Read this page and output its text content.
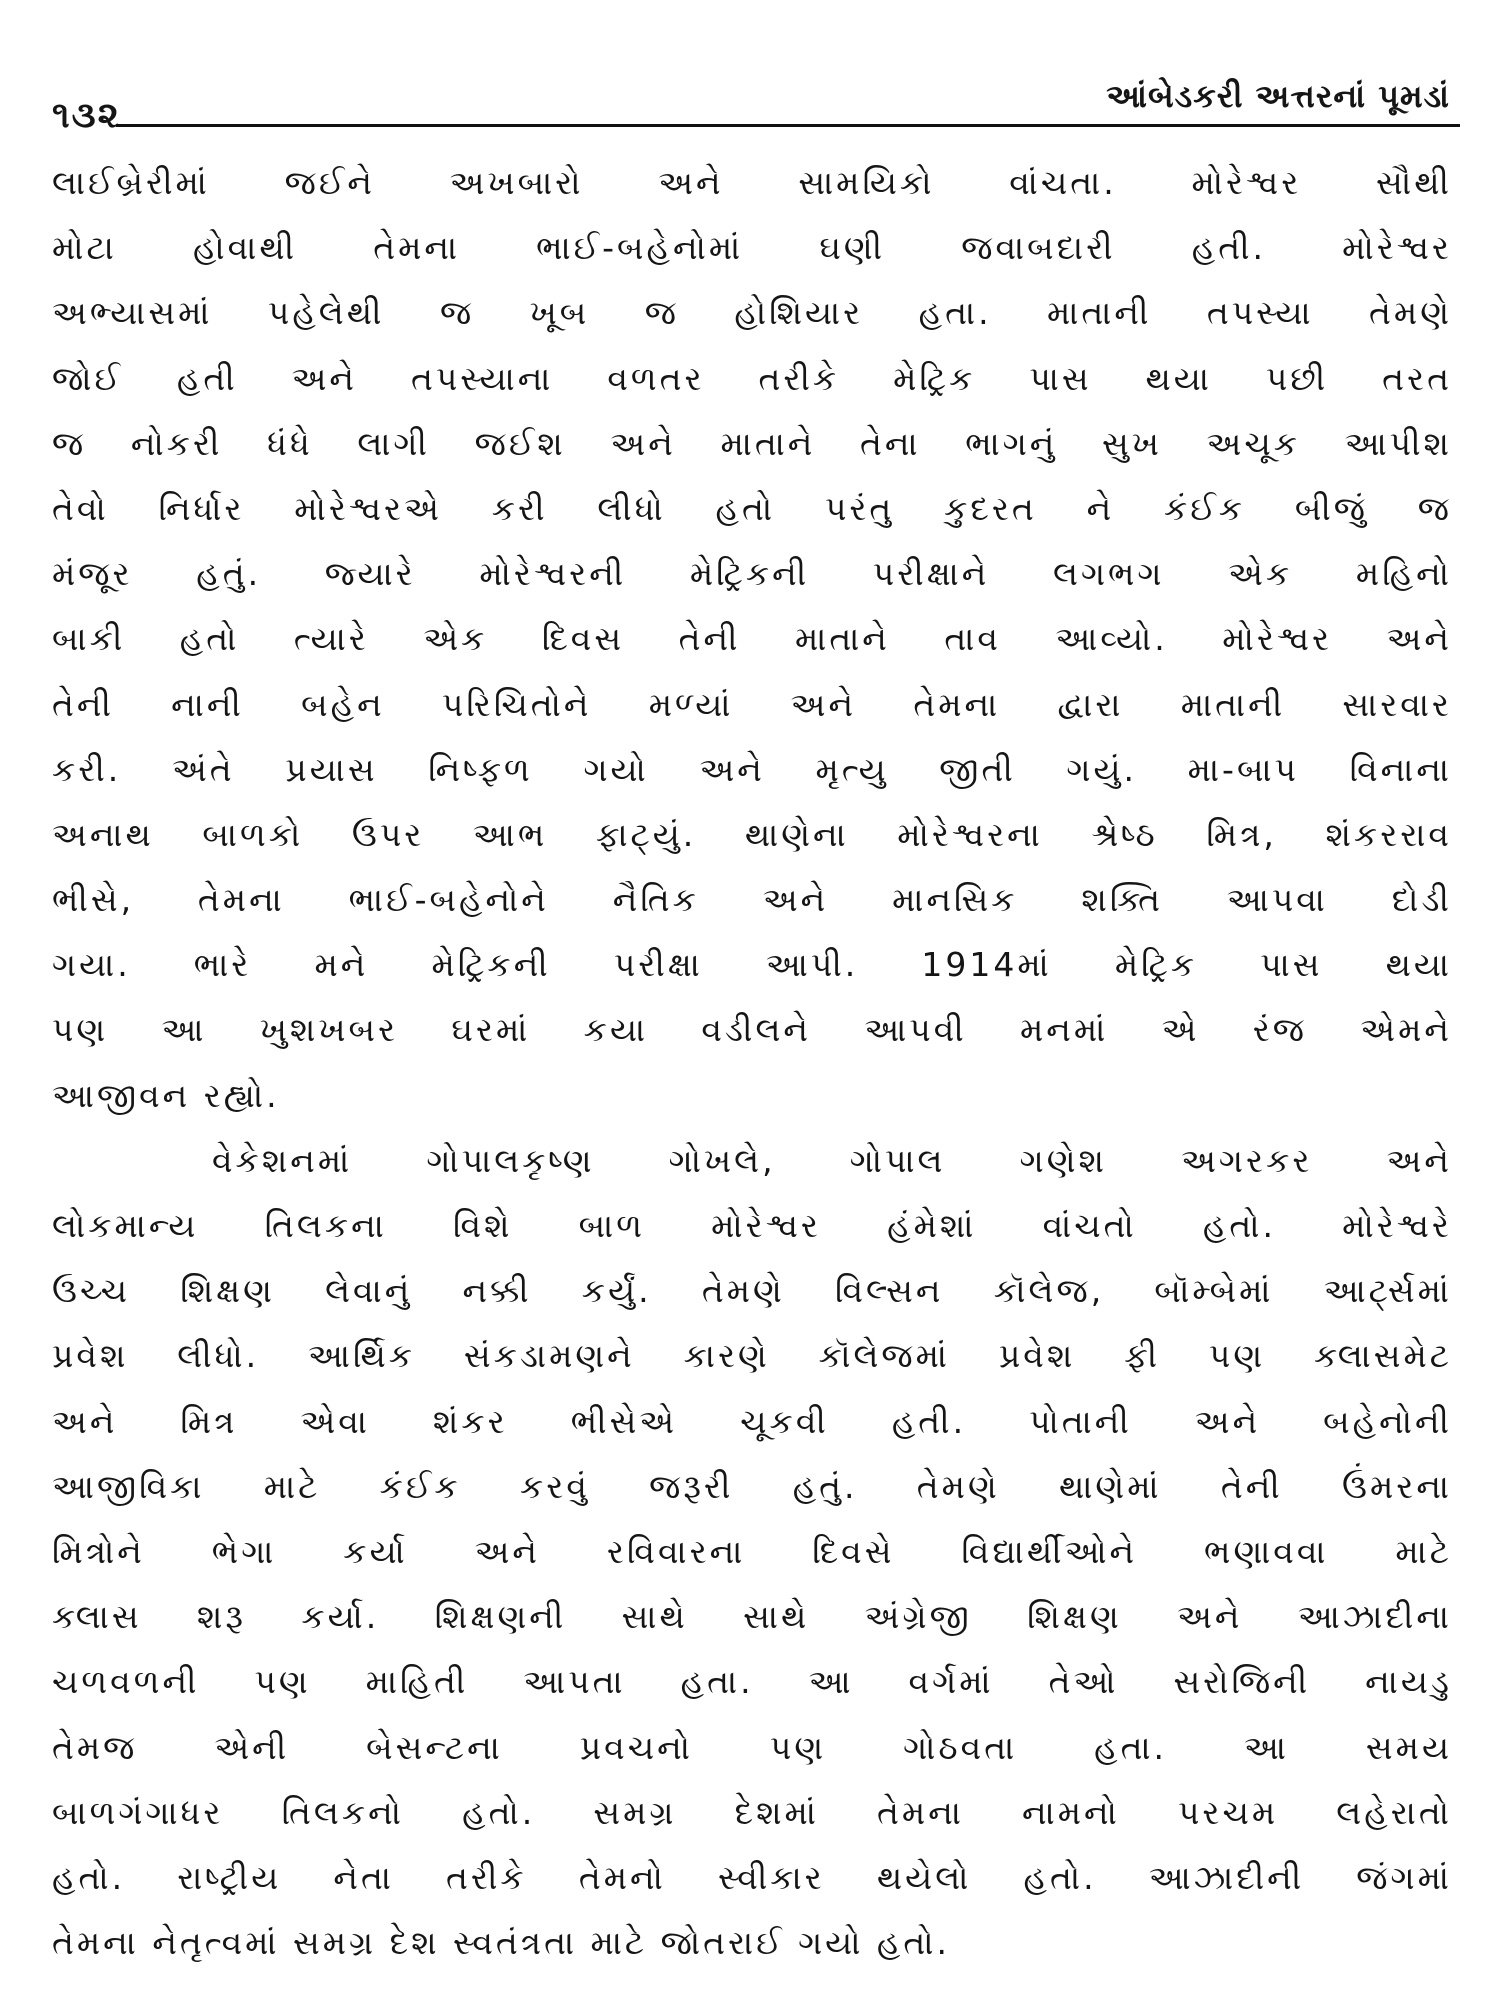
૧૩૨	આંબેડકરી અત્તરનાં પૂમડાં
લાઈબ્રેરીમાં જઈને અખબારો અને સામયિકો વાંચતા. મોરેશ્વર સૌથી
મોટા હોવાથી તેમના ભાઈ-બહેનોમાં ઘણી જવાબદારી હતી. મોરેશ્વર
અભ્યાસમાં પહેલેથી જ ખૂબ જ હોશિયાર હતા. માતાની તપસ્યા તેમણે
જોઈ હતી અને તપસ્યાના વળતર તરીકે મેટ્રિક પાસ થયા પછી તરત
જ નોકરી ધંધે લાગી જઈશ અને માતાને તેના ભાગનું સુખ અચૂક આપીશ
તેવો નિર્ધાર મોરેશ્વરએ કરી લીધો હતો પરંતુ કુદરત ને કંઈક બીજું જ
મંજૂર હતું. જ્યારે મોરેશ્વરની મેટ્રિકની પરીક્ષાને લગભગ એક મહિનો
બાકી હતો ત્યારે એક દિવસ તેની માતાને તાવ આવ્યો. મોરેશ્વર અને
તેની નાની બહેન પરિચિતોને મળ્યાં અને તેમના દ્વારા માતાની સારવાર
કરી. અંતે પ્રયાસ નિષ્ફળ ગયો અને મૃત્યુ જીતી ગયું. મા-બાપ વિનાના
અનાથ બાળકો ઉપર આભ ફાટ્યું. થાણેના મોરેશ્વરના શ્રેષ્ઠ મિત્ર, શંકરરાવ
ભીસે, તેમના ભાઈ-બહેનોને નૈતિક અને માનસિક શક્તિ આપવા દોડી
ગયા. ભારે મને મેટ્રિકની પરીક્ષા આપી. 1914માં મેટ્રિક પાસ થયા
પણ આ ખુશખબર ઘરમાં કયા વડીલને આપવી મનમાં એ રંજ એમને
આજીવન રહ્યો.
વેકેશનમાં ગોપાલકૃષ્ણ ગોખલે, ગોપાલ ગણેશ અગરકર અને
લોકમાન્ય તિલકના વિશે બાળ મોરેશ્વર હંમેશાં વાંચતો હતો. મોરેશ્વરે
ઉચ્ચ શિક્ષણ લેવાનું નક્કી કર્યું. તેમણે વિલ્સન કૉલેજ, બૉમ્બેમાં આર્ટ્સમાં
પ્રવેશ લીધો. આર્થિક સંકડામણને કારણે કૉલેજમાં પ્રવેશ ફી પણ ક્લાસમેટ
અને મિત્ર એવા શંકર ભીસેએ ચૂકવી હતી. પોતાની અને બહેનોની
આજીવિકા માટે કંઈક કરવું જરૂરી હતું. તેમણે થાણેમાં તેની ઉંમરના
મિત્રોને ભેગા કર્યા અને રવિવારના દિવસે વિદ્યાર્થીઓને ભણાવવા માટે
ક્લાસ શરૂ કર્યા. શિક્ષણની સાથે સાથે અંગ્રેજી શિક્ષણ અને આઝાદીના
ચળવળની પણ માહિતી આપતા હતા. આ વર્ગમાં તેઓ સરોજિની નાયડુ
તેમજ એની બેસન્ટના પ્રવચનો પણ ગોઠવતા હતા. આ સમય
બાળગંગાધર તિલકનો હતો. સમગ્ર દેશમાં તેમના નામનો પરચમ લહેરાતો
હતો. રાષ્ટ્રીય નેતા તરીકે તેમનો સ્વીકાર થયેલો હતો. આઝાદીની જંગમાં
તેમના નેતૃત્વમાં સમગ્ર દેશ સ્વતંત્રતા માટે જોતરાઈ ગયો હતો.
